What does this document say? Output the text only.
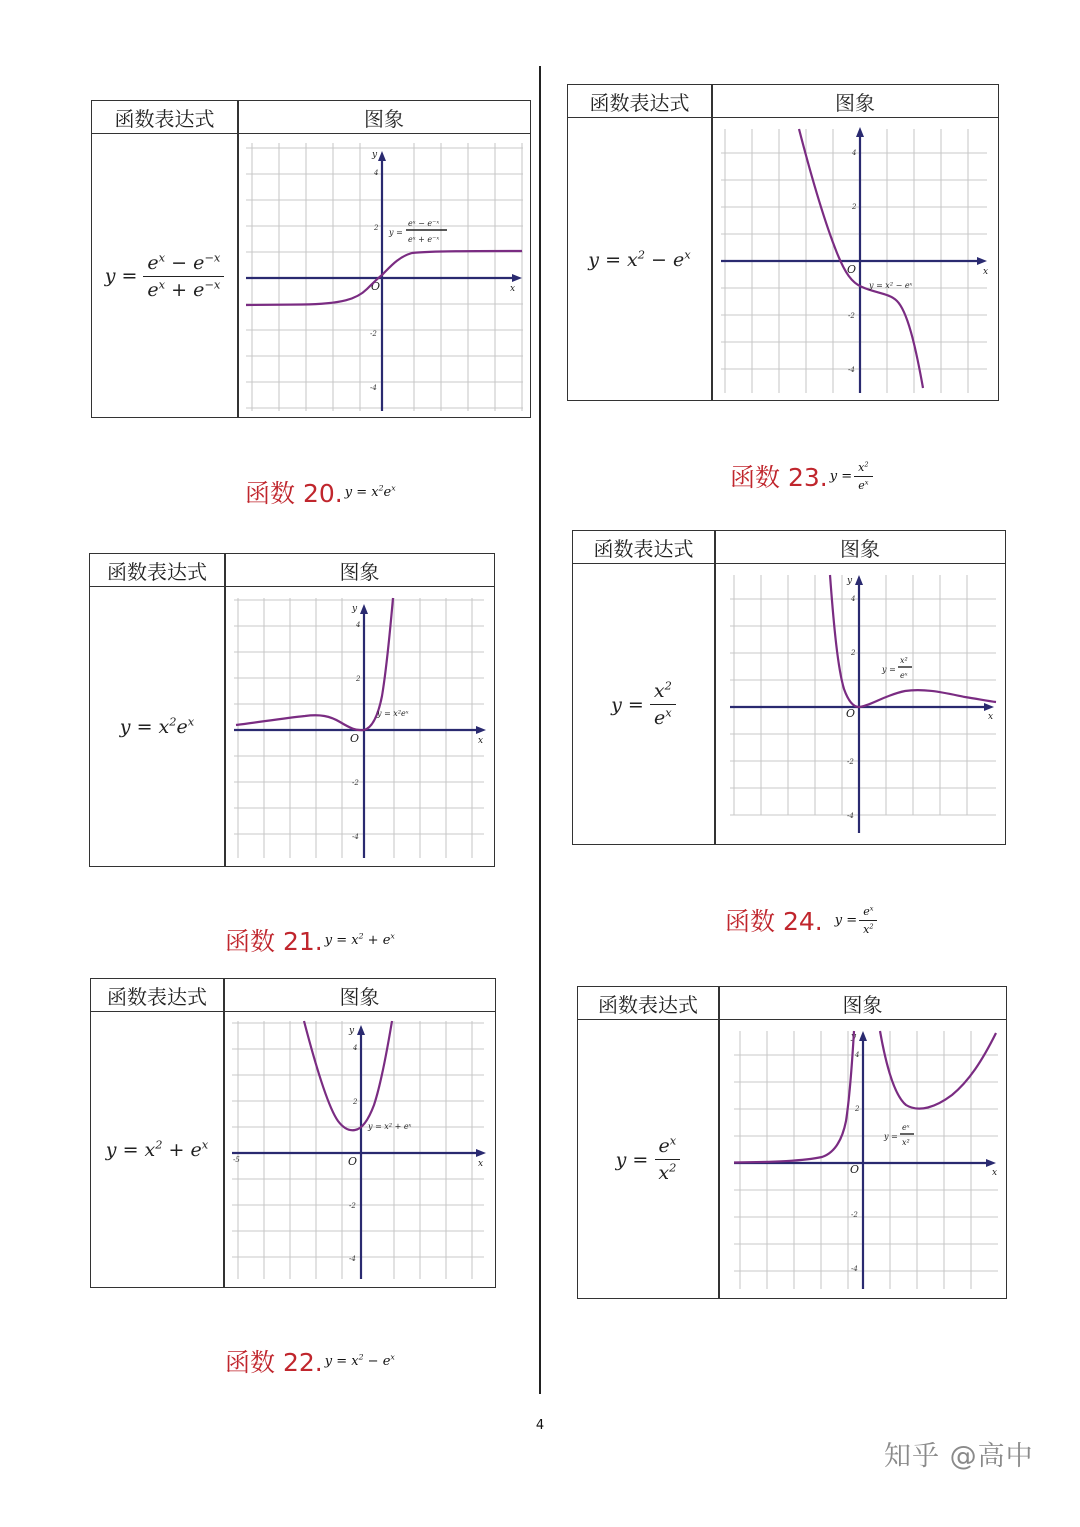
函数表达式	图象
$y = \frac{e^x - e^{-x}}{e^x + e^{-x}}$
y
x
O
2
4
-2
-4
y =
eˣ − e⁻ˣ
eˣ + e⁻ˣ
函数表达式	图象
$y = x^2e^x$
y
x
O
2
4
-2
-4
y = x²eˣ
函数表达式	图象
$y = x^2 + e^x$
y
x
O
-5
2
4
-2
-4
y = x² + eˣ
函数表达式	图象
$y = x^2 - e^x$
x
O
2
4
-2
-4
y = x² − eˣ
函数表达式	图象
$y = \frac{x^2}{e^x}$
y
x
O
2
4
-2
-4
y =
x²
eˣ
函数表达式	图象
$y = \frac{e^x}{x^2}$
y
x
O
2
4
-2
-4
y =
eˣ
x²
函数 20. $y = x^2e^x$
函数 21. $y = x^2 + e^x$
函数 22. $y = x^2 - e^x$
函数 23. $y = \frac{x^2}{e^x}$
函数 24. $y = \frac{e^x}{x^2}$
4
知乎 @高中
